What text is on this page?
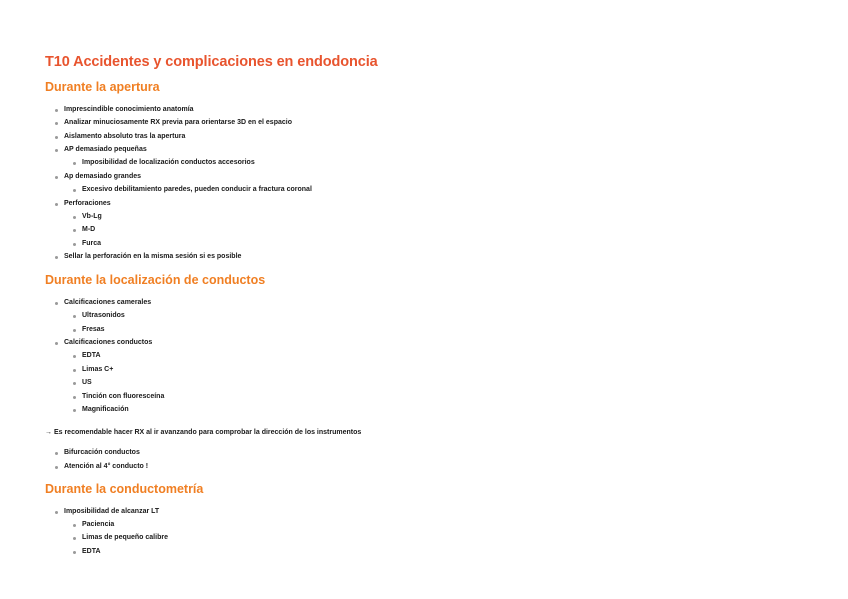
T10 Accidentes y complicaciones en endodoncia
Durante la apertura
Imprescindible conocimiento anatomía
Analizar minuciosamente RX previa para orientarse 3D en el espacio
Aislamento absoluto tras la apertura
AP demasiado pequeñas
Imposibilidad de localización conductos accesorios
Ap demasiado grandes
Excesivo debilitamiento paredes, pueden conducir a fractura coronal
Perforaciones
Vb-Lg
M-D
Furca
Sellar la perforación en la misma sesión si es posible
Durante la localización de conductos
Calcificaciones camerales
Ultrasonidos
Fresas
Calcificaciones conductos
EDTA
Limas C+
US
Tinción con fluoresceína
Magnificación
→ Es recomendable hacer RX al ir avanzando para comprobar la dirección de los instrumentos
Bifurcación conductos
Atención al 4° conducto !
Durante la conductometría
Imposibilidad de alcanzar LT
Paciencia
Limas de pequeño calibre
EDTA
